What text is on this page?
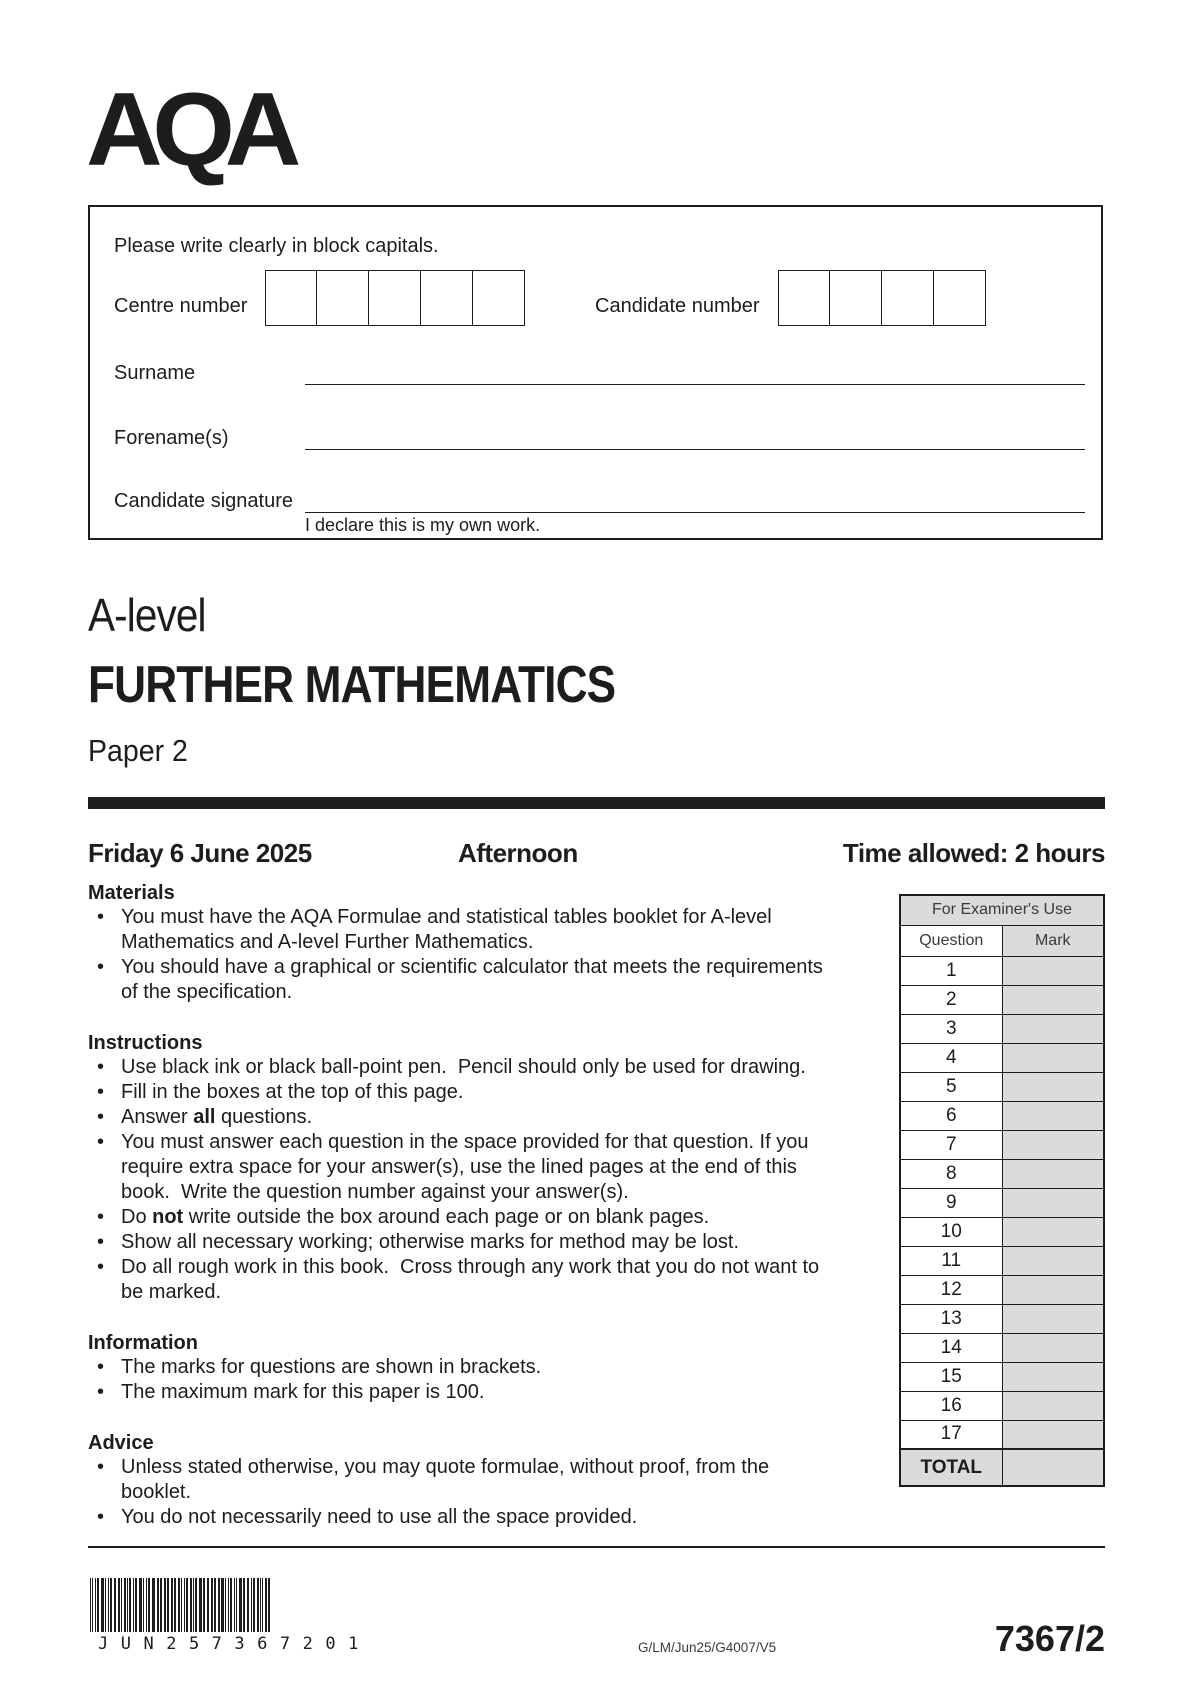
AQA
Please write clearly in block capitals.
Centre number	Candidate number
Surname
Forename(s)
Candidate signature
I declare this is my own work.
A-level
FURTHER MATHEMATICS
Paper 2
Friday 6 June 2025	Afternoon	Time allowed: 2 hours
Materials
• You must have the AQA Formulae and statistical tables booklet for A-level Mathematics and A-level Further Mathematics.
• You should have a graphical or scientific calculator that meets the requirements of the specification.
Instructions
• Use black ink or black ball-point pen.  Pencil should only be used for drawing.
• Fill in the boxes at the top of this page.
• Answer all questions.
• You must answer each question in the space provided for that question. If you require extra space for your answer(s), use the lined pages at the end of this book.  Write the question number against your answer(s).
• Do not write outside the box around each page or on blank pages.
• Show all necessary working; otherwise marks for method may be lost.
• Do all rough work in this book.  Cross through any work that you do not want to be marked.
Information
• The marks for questions are shown in brackets.
• The maximum mark for this paper is 100.
Advice
• Unless stated otherwise, you may quote formulae, without proof, from the booklet.
• You do not necessarily need to use all the space provided.
For Examiner's Use	
Question	Mark
1	
2	
3	
4	
5	
6	
7	
8	
9	
10	
11	
12	
13	
14	
15	
16	
17	
TOTAL	
JUN257367201	G/LM/Jun25/G4007/V5	7367/2
